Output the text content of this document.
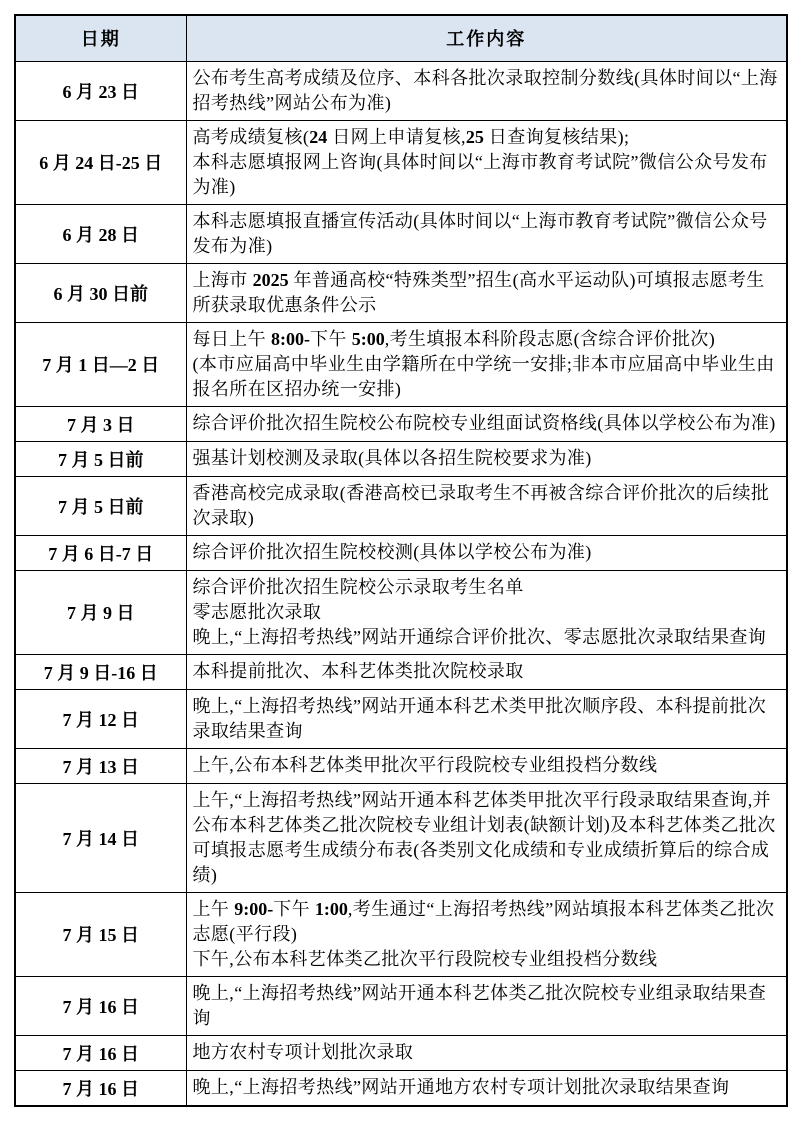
日期	工作内容
6 月 23 日	公布考生高考成绩及位序、本科各批次录取控制分数线(具体时间以“上海招考热线”网站公布为准)

6 月 24 日-25 日	高考成绩复核(24 日网上申请复核,25 日查询复核结果);
本科志愿填报网上咨询(具体时间以“上海市教育考试院”微信公众号发布为准)

6 月 28 日	本科志愿填报直播宣传活动(具体时间以“上海市教育考试院”微信公众号发布为准)

6 月 30 日前	上海市 2025 年普通高校“特殊类型”招生(高水平运动队)可填报志愿考生所获录取优惠条件公示

7 月 1 日—2 日	每日上午 8:00-下午 5:00,考生填报本科阶段志愿(含综合评价批次)
(本市应届高中毕业生由学籍所在中学统一安排;非本市应届高中毕业生由报名所在区招办统一安排)

7 月 3 日	综合评价批次招生院校公布院校专业组面试资格线(具体以学校公布为准)

7 月 5 日前	强基计划校测及录取(具体以各招生院校要求为准)

7 月 5 日前	香港高校完成录取(香港高校已录取考生不再被含综合评价批次的后续批次录取)

7 月 6 日-7 日	综合评价批次招生院校校测(具体以学校公布为准)

7 月 9 日	综合评价批次招生院校公示录取考生名单
零志愿批次录取
晚上,“上海招考热线”网站开通综合评价批次、零志愿批次录取结果查询

7 月 9 日-16 日	本科提前批次、本科艺体类批次院校录取

7 月 12 日	晚上,“上海招考热线”网站开通本科艺术类甲批次顺序段、本科提前批次录取结果查询

7 月 13 日	上午,公布本科艺体类甲批次平行段院校专业组投档分数线

7 月 14 日	上午,“上海招考热线”网站开通本科艺体类甲批次平行段录取结果查询,并公布本科艺体类乙批次院校专业组计划表(缺额计划)及本科艺体类乙批次可填报志愿考生成绩分布表(各类别文化成绩和专业成绩折算后的综合成绩)

7 月 15 日	上午 9:00-下午 1:00,考生通过“上海招考热线”网站填报本科艺体类乙批次志愿(平行段)
下午,公布本科艺体类乙批次平行段院校专业组投档分数线

7 月 16 日	晚上,“上海招考热线”网站开通本科艺体类乙批次院校专业组录取结果查询

7 月 16 日	地方农村专项计划批次录取

7 月 16 日	晚上,“上海招考热线”网站开通地方农村专项计划批次录取结果查询
